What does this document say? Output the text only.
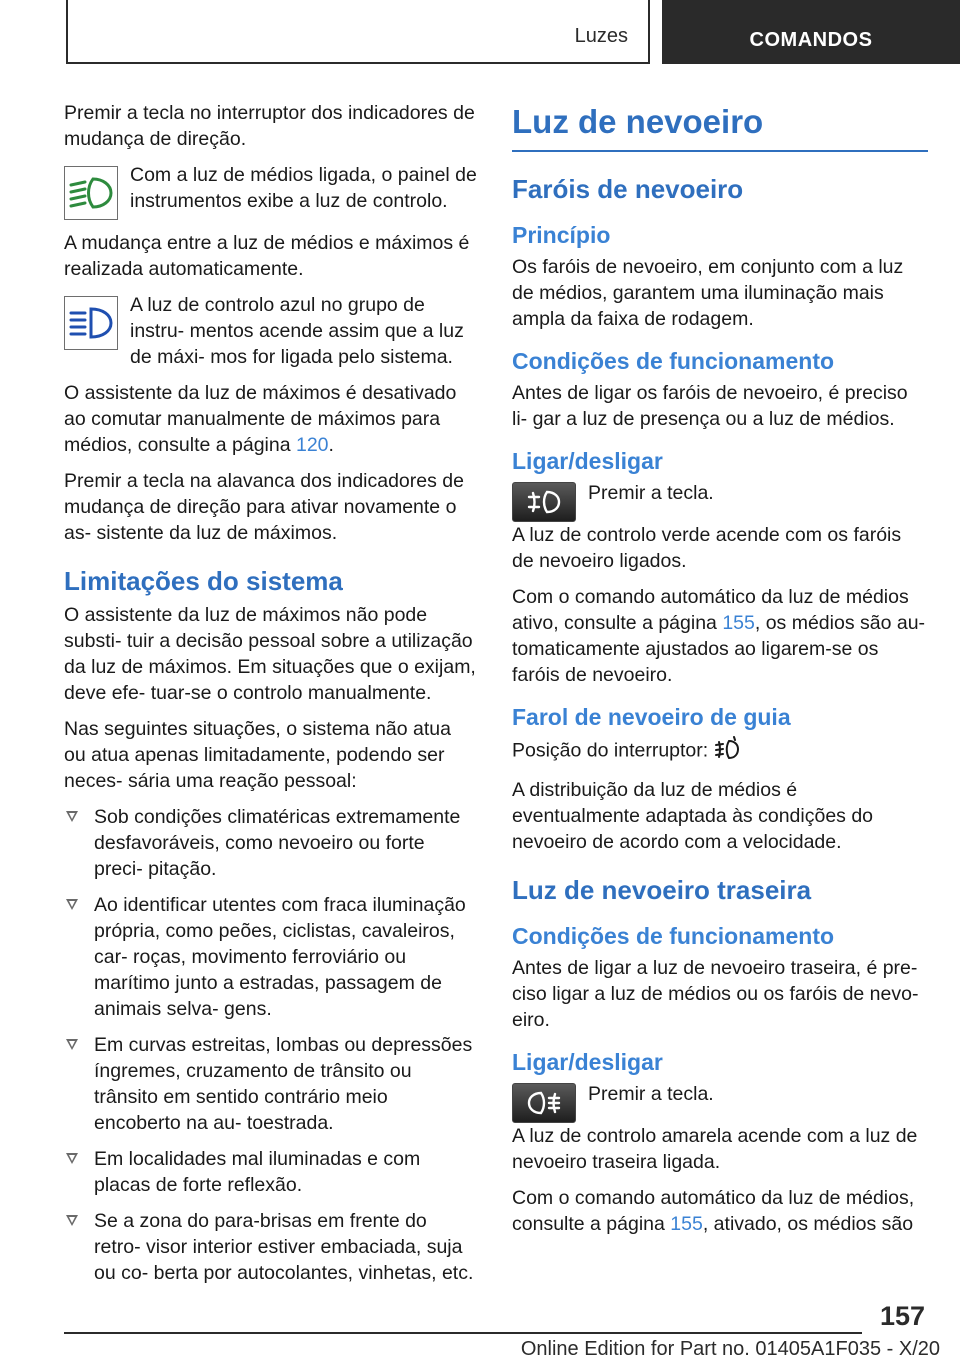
Luzes	COMANDOS

Premir a tecla no interruptor dos indicadores de mudança de direção.

Com a luz de médios ligada, o painel de instrumentos exibe a luz de controlo.

A mudança entre a luz de médios e máximos é realizada automaticamente.

A luz de controlo azul no grupo de instru‐ mentos acende assim que a luz de máxi‐ mos for ligada pelo sistema.

O assistente da luz de máximos é desativado ao comutar manualmente de máximos para médios, consulte a página 120.

Premir a tecla na alavanca dos indicadores de mudança de direção para ativar novamente o as‐ sistente da luz de máximos.

Limitações do sistema

O assistente da luz de máximos não pode substi‐ tuir a decisão pessoal sobre a utilização da luz de máximos. Em situações que o exijam, deve efe‐ tuar-se o controlo manualmente.

Nas seguintes situações, o sistema não atua ou atua apenas limitadamente, podendo ser neces‐ sária uma reação pessoal:

Sob condições climatéricas extremamente desfavoráveis, como nevoeiro ou forte preci‐ pitação.
Ao identificar utentes com fraca iluminação própria, como peões, ciclistas, cavaleiros, car‐ roças, movimento ferroviário ou marítimo junto a estradas, passagem de animais selva‐ gens.
Em curvas estreitas, lombas ou depressões íngremes, cruzamento de trânsito ou trânsito em sentido contrário meio encoberto na au‐ toestrada.
Em localidades mal iluminadas e com placas de forte reflexão.
Se a zona do para-brisas em frente do retro‐ visor interior estiver embaciada, suja ou co‐ berta por autocolantes, vinhetas, etc.
Luz de nevoeiro
Faróis de nevoeiro
Princípio

Os faróis de nevoeiro, em conjunto com a luz de médios, garantem uma iluminação mais ampla da faixa de rodagem.

Condições de funcionamento

Antes de ligar os faróis de nevoeiro, é preciso li‐ gar a luz de presença ou a luz de médios.

Ligar/desligar

Premir a tecla.

A luz de controlo verde acende com os faróis de nevoeiro ligados.

Com o comando automático da luz de médios ativo, consulte a página 155, os médios são au‐ tomaticamente ajustados ao ligarem-se os faróis de nevoeiro.

Farol de nevoeiro de guia

Posição do interruptor:

A distribuição da luz de médios é eventualmente adaptada às condições do nevoeiro de acordo com a velocidade.

Luz de nevoeiro traseira
Condições de funcionamento

Antes de ligar a luz de nevoeiro traseira, é pre‐ ciso ligar a luz de médios ou os faróis de nevo‐ eiro.

Ligar/desligar

Premir a tecla.

A luz de controlo amarela acende com a luz de nevoeiro traseira ligada.

Com o comando automático da luz de médios, consulte a página 155, ativado, os médios são

157
Online Edition for Part no. 01405A1F035 - X/20
